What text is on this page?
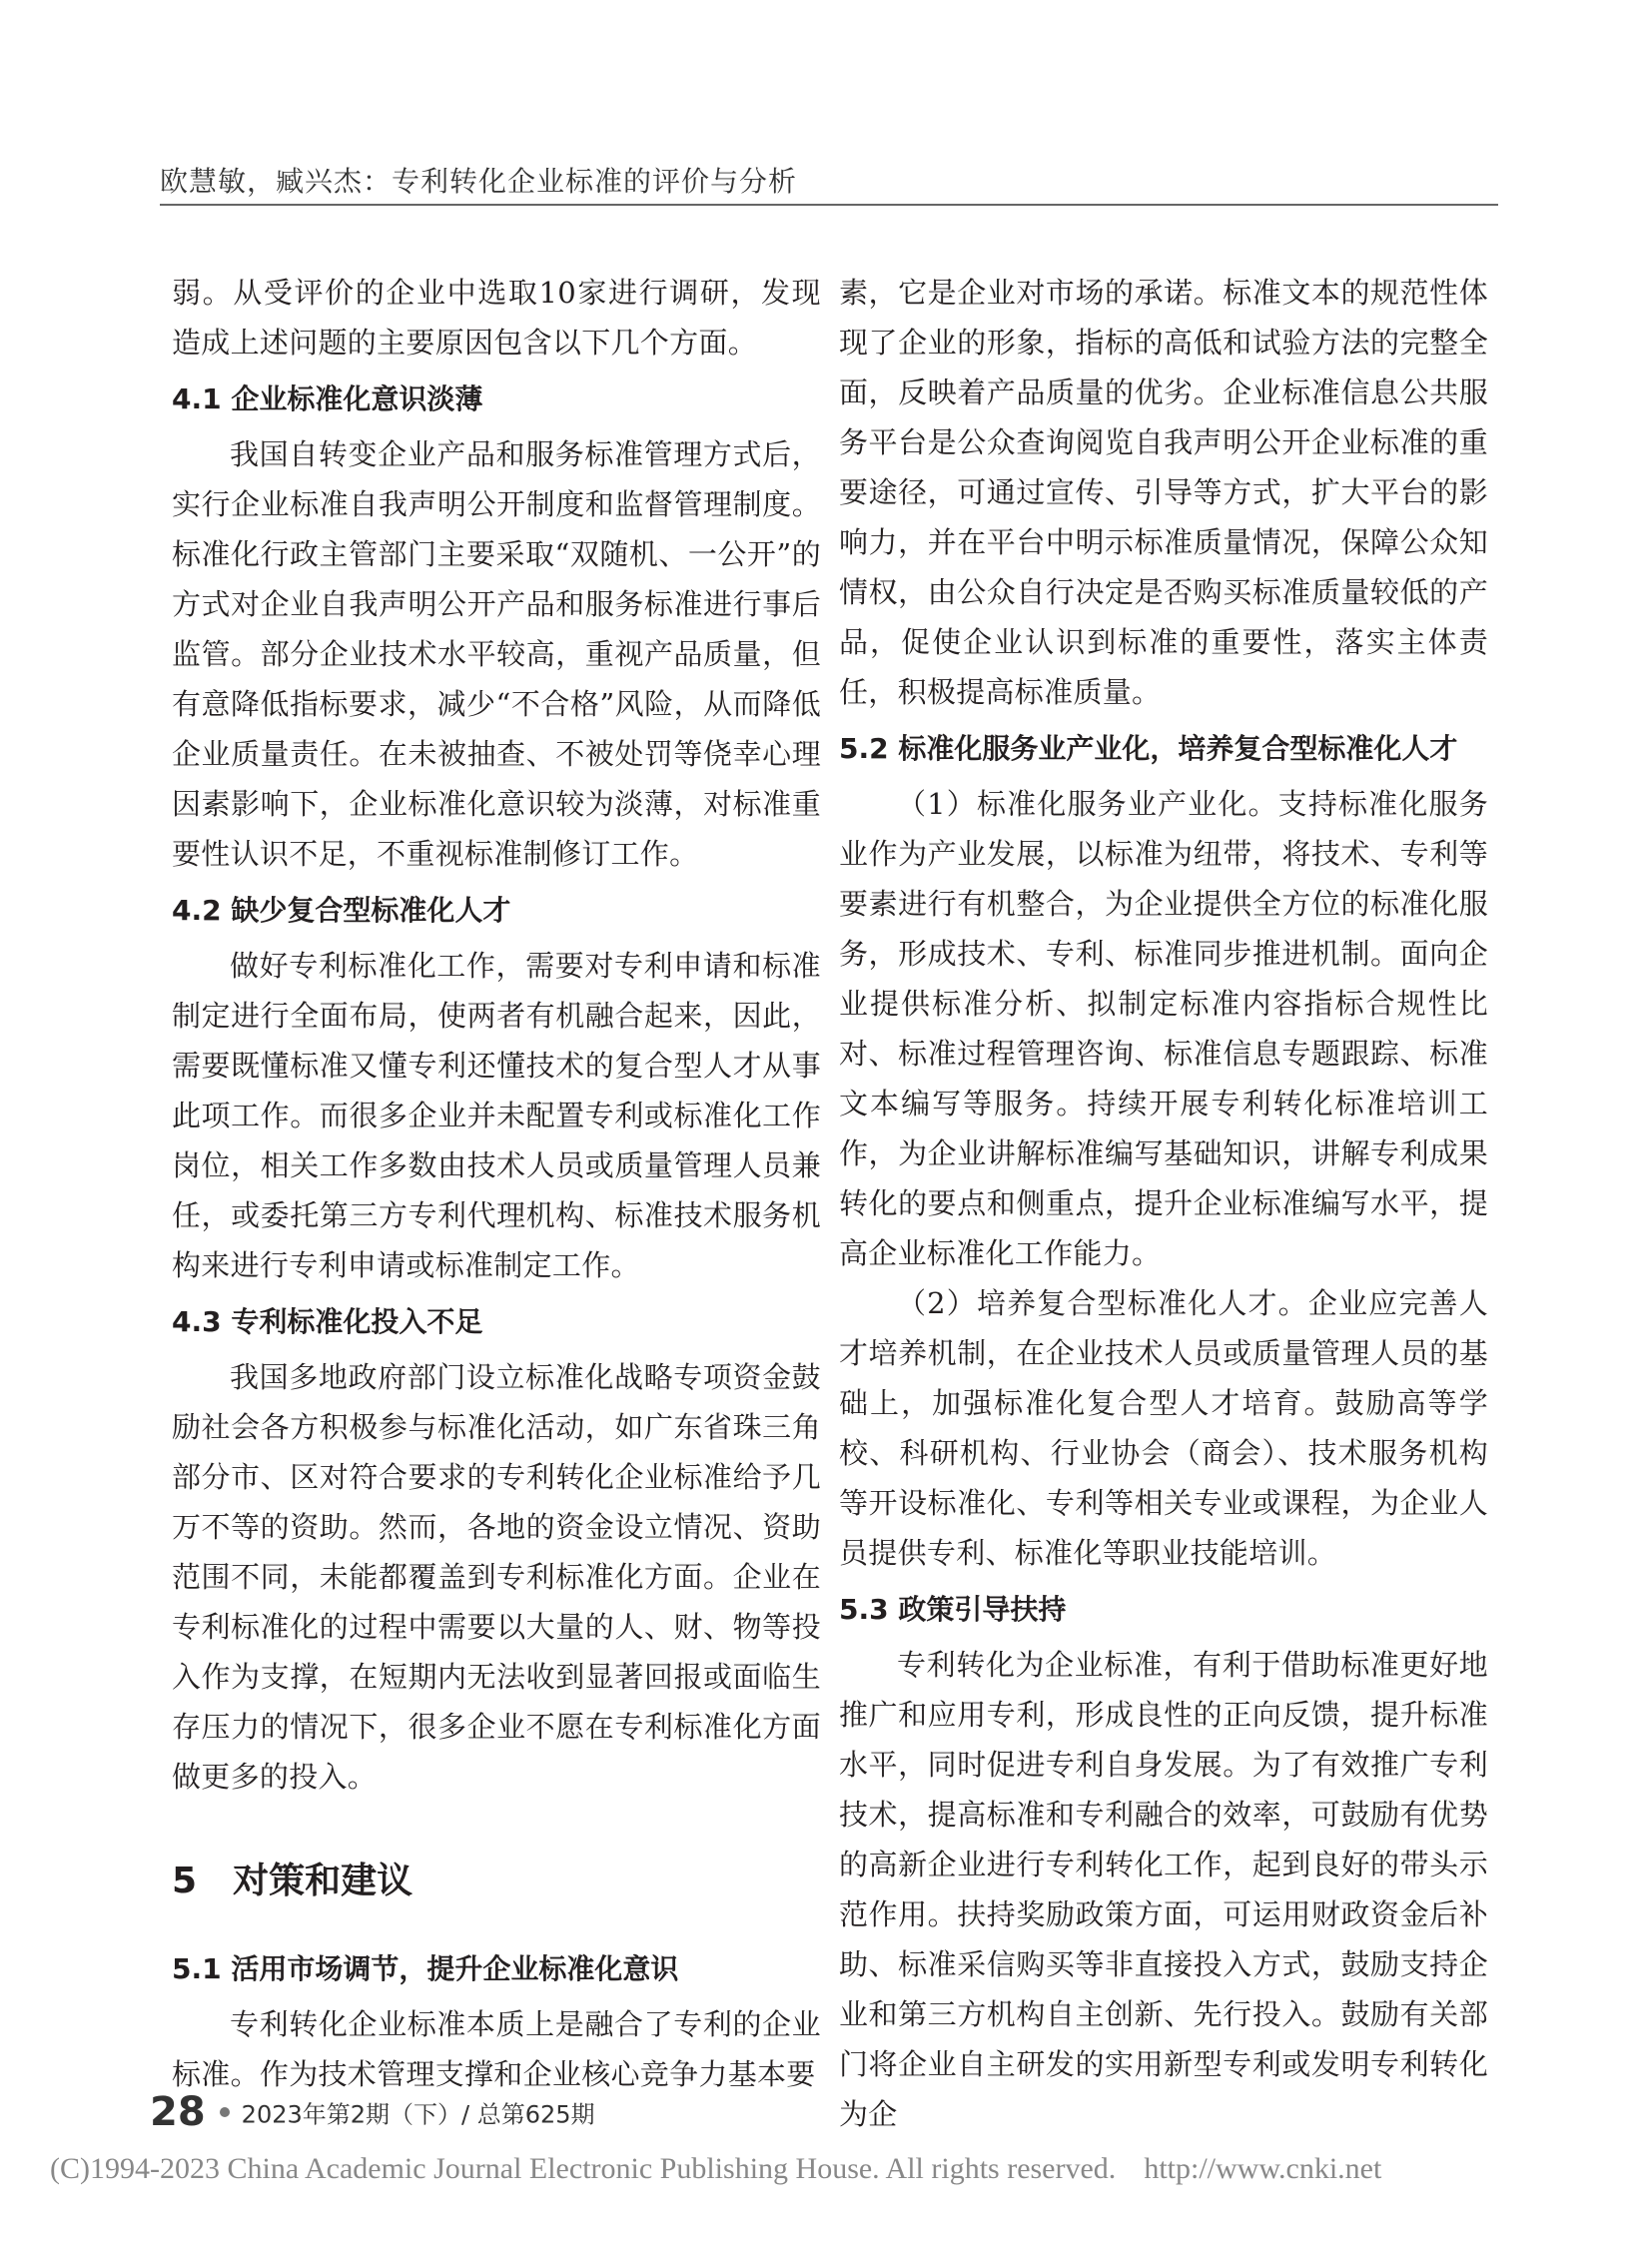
欧慧敏，臧兴杰：专利转化企业标准的评价与分析

弱。从受评价的企业中选取10家进行调研，发现造成上述问题的主要原因包含以下几个方面。

4.1 企业标准化意识淡薄

我国自转变企业产品和服务标准管理方式后，实行企业标准自我声明公开制度和监督管理制度。标准化行政主管部门主要采取“双随机、一公开”的方式对企业自我声明公开产品和服务标准进行事后监管。部分企业技术水平较高，重视产品质量，但有意降低指标要求，减少“不合格”风险，从而降低企业质量责任。在未被抽查、不被处罚等侥幸心理因素影响下，企业标准化意识较为淡薄，对标准重要性认识不足，不重视标准制修订工作。

4.2 缺少复合型标准化人才

做好专利标准化工作，需要对专利申请和标准制定进行全面布局，使两者有机融合起来，因此，需要既懂标准又懂专利还懂技术的复合型人才从事此项工作。而很多企业并未配置专利或标准化工作岗位，相关工作多数由技术人员或质量管理人员兼任，或委托第三方专利代理机构、标准技术服务机构来进行专利申请或标准制定工作。

4.3 专利标准化投入不足

我国多地政府部门设立标准化战略专项资金鼓励社会各方积极参与标准化活动，如广东省珠三角部分市、区对符合要求的专利转化企业标准给予几万不等的资助。然而，各地的资金设立情况、资助范围不同，未能都覆盖到专利标准化方面。企业在专利标准化的过程中需要以大量的人、财、物等投入作为支撑，在短期内无法收到显著回报或面临生存压力的情况下，很多企业不愿在专利标准化方面做更多的投入。

5 对策和建议
5.1 活用市场调节，提升企业标准化意识

专利转化企业标准本质上是融合了专利的企业标准。作为技术管理支撑和企业核心竞争力基本要

素，它是企业对市场的承诺。标准文本的规范性体现了企业的形象，指标的高低和试验方法的完整全面，反映着产品质量的优劣。企业标准信息公共服务平台是公众查询阅览自我声明公开企业标准的重要途径，可通过宣传、引导等方式，扩大平台的影响力，并在平台中明示标准质量情况，保障公众知情权，由公众自行决定是否购买标准质量较低的产品，促使企业认识到标准的重要性，落实主体责任，积极提高标准质量。

5.2 标准化服务业产业化，培养复合型标准化人才

（1）标准化服务业产业化。支持标准化服务业作为产业发展，以标准为纽带，将技术、专利等要素进行有机整合，为企业提供全方位的标准化服务，形成技术、专利、标准同步推进机制。面向企业提供标准分析、拟制定标准内容指标合规性比对、标准过程管理咨询、标准信息专题跟踪、标准文本编写等服务。持续开展专利转化标准培训工作，为企业讲解标准编写基础知识，讲解专利成果转化的要点和侧重点，提升企业标准编写水平，提高企业标准化工作能力。

（2）培养复合型标准化人才。企业应完善人才培养机制，在企业技术人员或质量管理人员的基础上，加强标准化复合型人才培育。鼓励高等学校、科研机构、行业协会（商会）、技术服务机构等开设标准化、专利等相关专业或课程，为企业人员提供专利、标准化等职业技能培训。

5.3 政策引导扶持

专利转化为企业标准，有利于借助标准更好地推广和应用专利，形成良性的正向反馈，提升标准水平，同时促进专利自身发展。为了有效推广专利技术，提高标准和专利融合的效率，可鼓励有优势的高新企业进行专利转化工作，起到良好的带头示范作用。扶持奖励政策方面，可运用财政资金后补助、标准采信购买等非直接投入方式，鼓励支持企业和第三方机构自主创新、先行投入。鼓励有关部门将企业自主研发的实用新型专利或发明专利转化为企

28 2023年第2期（下）/ 总第625期
(C)1994-2023 China Academic Journal Electronic Publishing House. All rights reserved. http://www.cnki.net
